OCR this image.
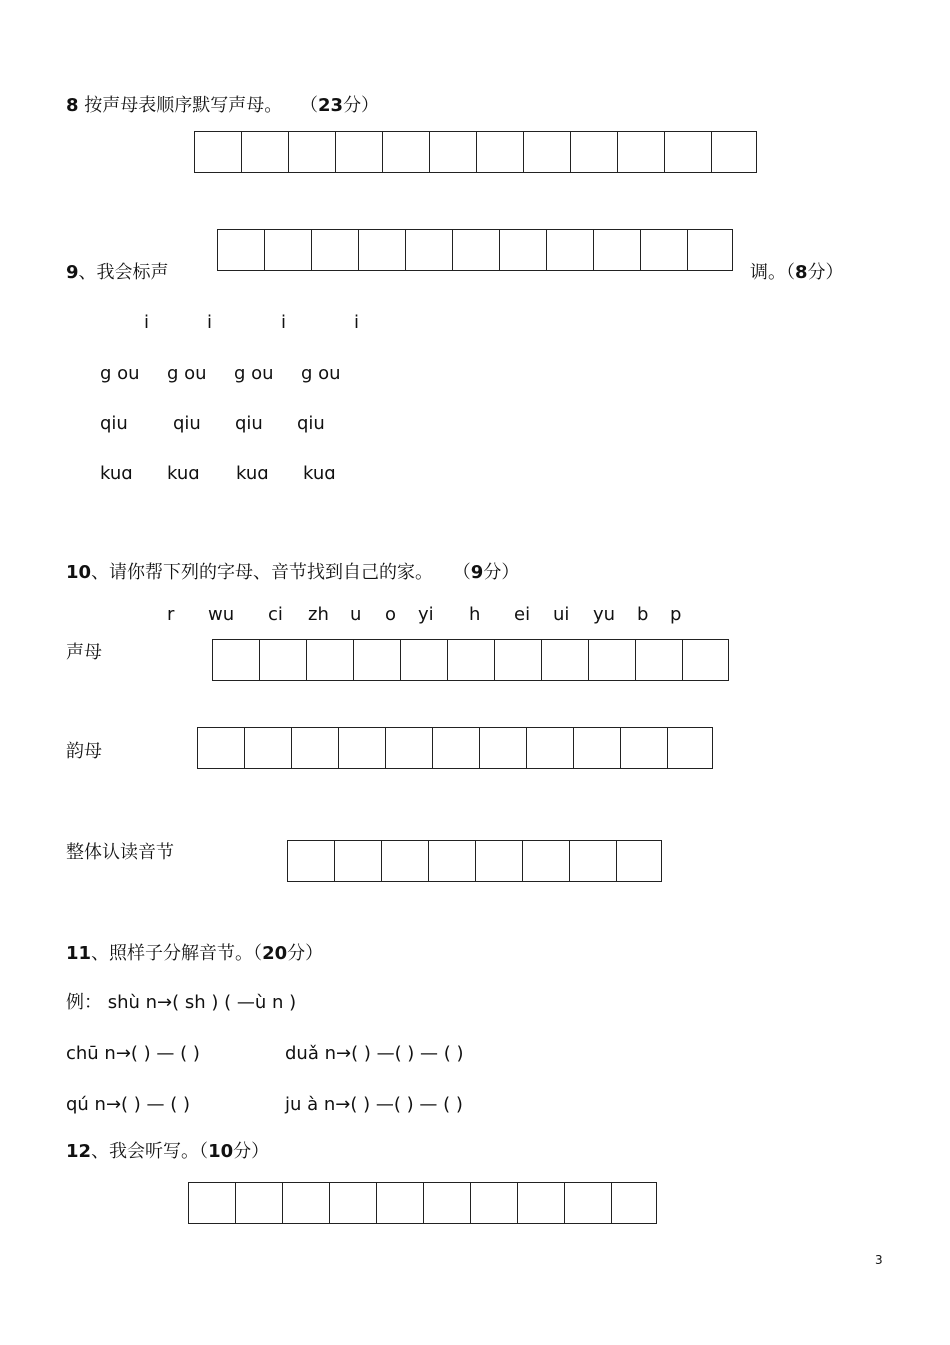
8 按声母表顺序默写声母。 （23分）
9、我会标声	调。（8分）
i	i	i	i
g ou g ou g ou g ou
qiu	qiu qiu qiu
kuɑ kuɑ kuɑ kuɑ
10、请你帮下列的字母、音节找到自己的家。 （9分）
r wu ci zh u o yi h ei ui yu b p
声母
韵母
整体认读音节
11、照样子分解音节。（20分）
例： shù n→( sh ) ( —ù n )
chū n→( ) — ( )	duǎ n→( ) —( ) — ( )
qú n→( ) — ( )	ju à n→( ) —( ) — ( )
12、我会听写。（10分）
3
